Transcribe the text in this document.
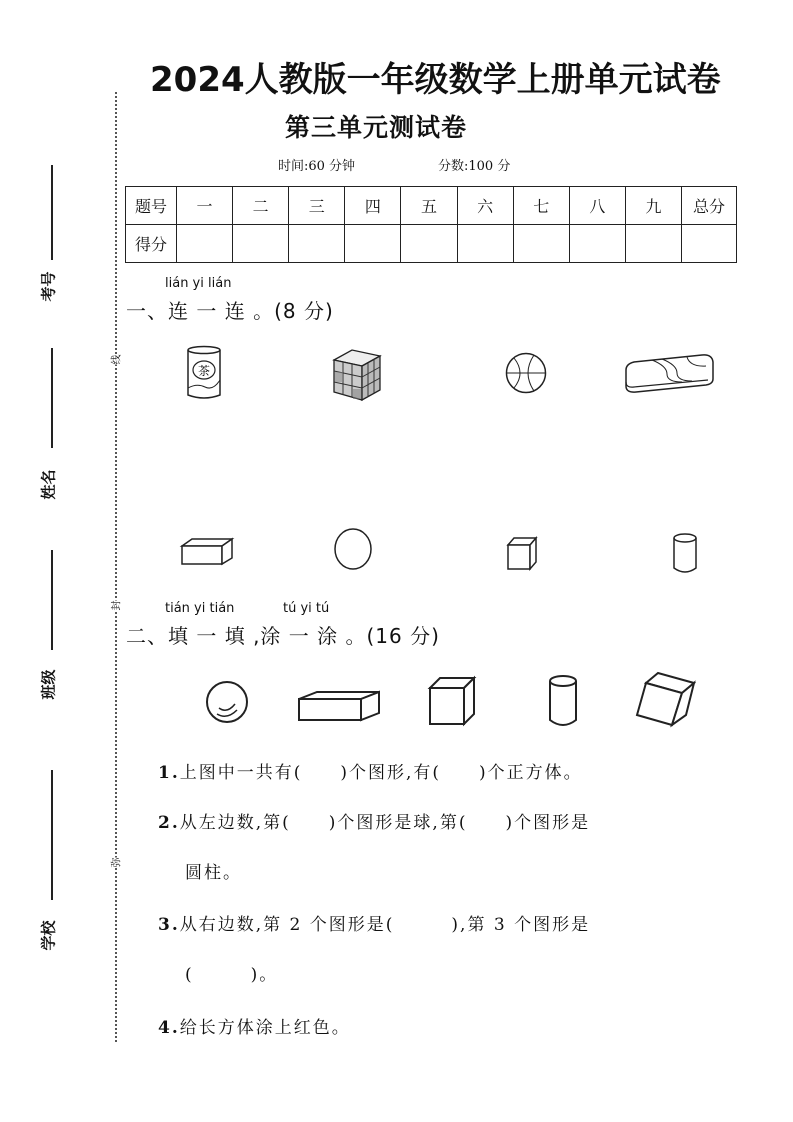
2024人教版一年级数学上册单元试卷
第三单元测试卷
时间:60 分钟	分数:100 分
题号	一	二	三	四	五	六	七	八	九	总分
得分										
考号
姓名
班级
学校
线
封
弥
lián yi lián
一、连 一 连 。(8 分)
茶
tián yi tián	tú yi tú
二、填 一 填 ,涂 一 涂 。(16 分)
1.上图中一共有(　　)个图形,有(　　)个正方体。
2.从左边数,第(　　)个图形是球,第(　　)个图形是
圆柱。
3.从右边数,第 2 个图形是(　　　),第 3 个图形是
(　　　)。
4.给长方体涂上红色。
